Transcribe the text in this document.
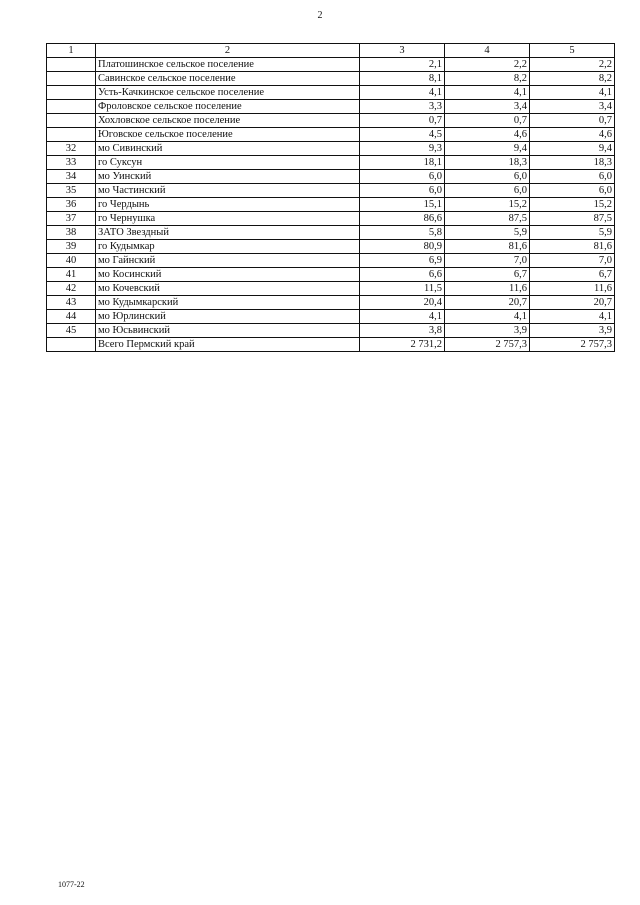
2
1	2	3	4	5
	Платошинское сельское поселение	2,1	2,2	2,2
	Савинское сельское поселение	8,1	8,2	8,2
	Усть-Качкинское сельское поселение	4,1	4,1	4,1
	Фроловское сельское поселение	3,3	3,4	3,4
	Хохловское сельское поселение	0,7	0,7	0,7
	Юговское сельское поселение	4,5	4,6	4,6
32	мо Сивинский	9,3	9,4	9,4
33	го Суксун	18,1	18,3	18,3
34	мо Уинский	6,0	6,0	6,0
35	мо Частинский	6,0	6,0	6,0
36	го Чердынь	15,1	15,2	15,2
37	го Чернушка	86,6	87,5	87,5
38	ЗАТО Звездный	5,8	5,9	5,9
39	го Кудымкар	80,9	81,6	81,6
40	мо Гайнский	6,9	7,0	7,0
41	мо Косинский	6,6	6,7	6,7
42	мо Кочевский	11,5	11,6	11,6
43	мо Кудымкарский	20,4	20,7	20,7
44	мо Юрлинский	4,1	4,1	4,1
45	мо Юсьвинский	3,8	3,9	3,9
	Всего Пермский край	2 731,2	2 757,3	2 757,3
1077-22
